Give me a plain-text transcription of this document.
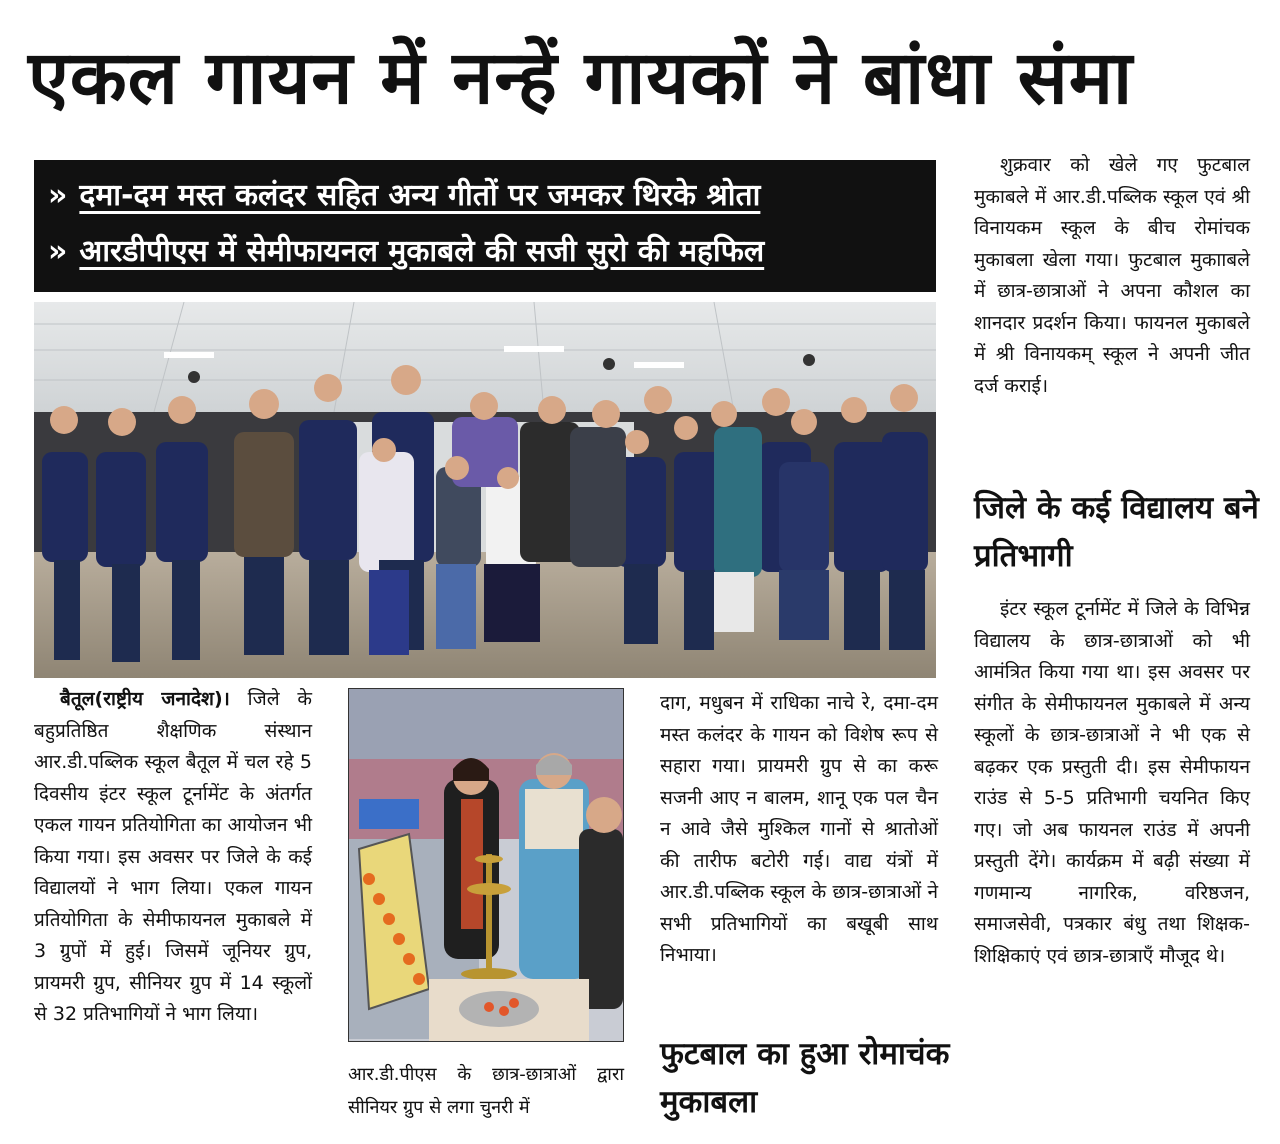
एकल गायन में नन्हें गायकों ने बांधा संमा
» दमा-दम मस्त कलंदर सहित अन्य गीतों पर जमकर थिरके श्रोता
» आरडीपीएस में सेमीफायनल मुकाबले की सजी सुरो की महफिल

बैतूल(राष्ट्रीय जनादेश)। जिले के बहुप्रतिष्ठित शैक्षणिक संस्थान आर.डी.पब्लिक स्कूल बैतूल में चल रहे 5 दिवसीय इंटर स्कूल टूर्नामेंट के अंतर्गत एकल गायन प्रतियोगिता का आयोजन भी किया गया। इस अवसर पर जिले के कई विद्यालयों ने भाग लिया। एकल गायन प्रतियोगिता के सेमीफायनल मुकाबले में 3 ग्रुपों में हुई। जिसमें जूनियर ग्रुप, प्रायमरी ग्रुप, सीनियर ग्रुप में 14 स्कूलों से 32 प्रतिभागियों ने भाग लिया।

आर.डी.पीएस के छात्र-छात्राओं द्वारा सीनियर ग्रुप से लगा चुनरी में

दाग, मधुबन में राधिका नाचे रे, दमा-दम मस्त कलंदर के गायन को विशेष रूप से सहारा गया। प्रायमरी ग्रुप से का करू सजनी आए न बालम, शानू एक पल चैन न आवे जैसे मुश्किल गानों से श्रातोओं की तारीफ बटोरी गई। वाद्य यंत्रों में आर.डी.पब्लिक स्कूल के छात्र-छात्राओं ने सभी प्रतिभागियों का बखूबी साथ निभाया।

फुटबाल का हुआ रोमाचंक मुकाबला

शुक्रवार को खेले गए फुटबाल मुकाबले में आर.डी.पब्लिक स्कूल एवं श्री विनायकम स्कूल के बीच रोमांचक मुकाबला खेला गया। फुटबाल मुकााबले में छात्र-छात्राओं ने अपना कौशल का शानदार प्रदर्शन किया। फायनल मुकाबले में श्री विनायकम् स्कूल ने अपनी जीत दर्ज कराई।

जिले के कई विद्यालय बने प्रतिभागी

इंटर स्कूल टूर्नामेंट में जिले के विभिन्न विद्यालय के छात्र-छात्राओं को भी आमंत्रित किया गया था। इस अवसर पर संगीत के सेमीफायनल मुकाबले में अन्य स्कूलों के छात्र-छात्राओं ने भी एक से बढ़कर एक प्रस्तुती दी। इस सेमीफायन राउंड से 5-5 प्रतिभागी चयनित किए गए। जो अब फायनल राउंड में अपनी प्रस्तुती देंगे। कार्यक्रम में बढ़ी संख्या में गणमान्य नागरिक, वरिष्ठजन, समाजसेवी, पत्रकार बंधु तथा शिक्षक-शिक्षिकाएं एवं छात्र-छात्राएँ मौजूद थे।
